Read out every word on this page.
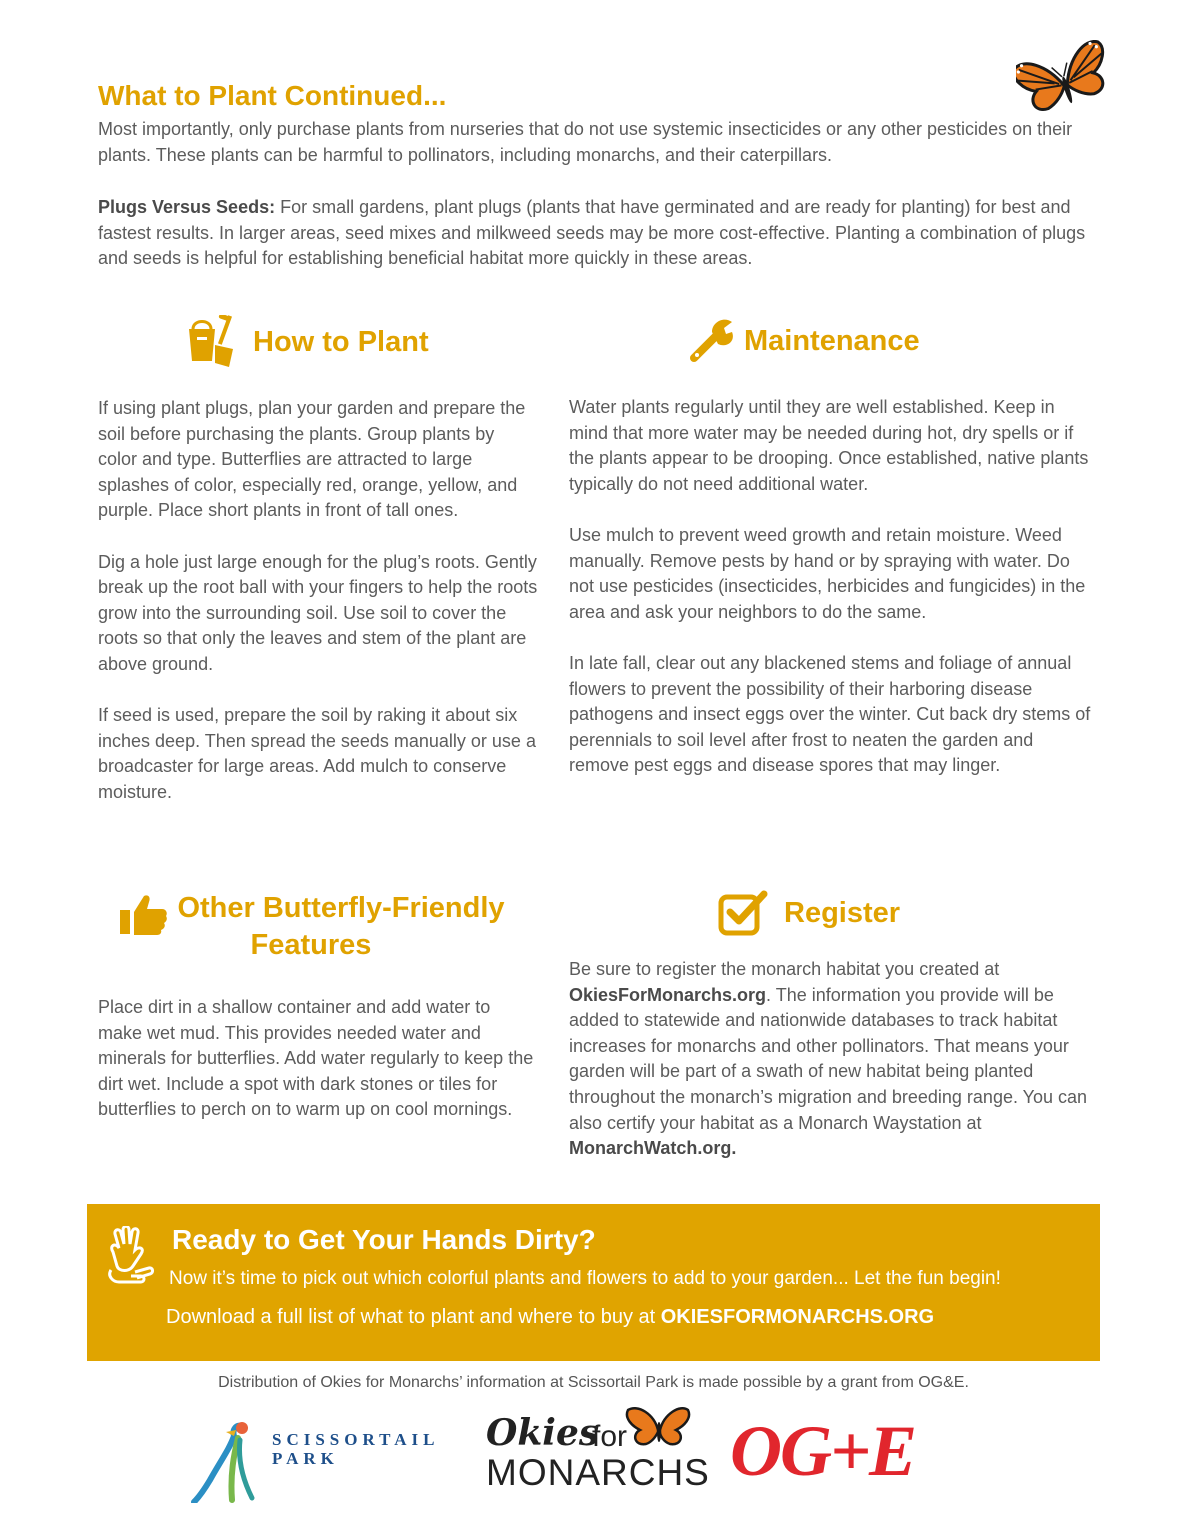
What to Plant Continued...

Most importantly, only purchase plants from nurseries that do not use systemic insecticides or any other pesticides on their plants. These plants can be harmful to pollinators, including monarchs, and their caterpillars.

Plugs Versus Seeds: For small gardens, plant plugs (plants that have germinated and are ready for planting) for best and fastest results. In larger areas, seed mixes and milkweed seeds may be more cost-effective. Planting a combination of plugs and seeds is helpful for establishing beneficial habitat more quickly in these areas.

How to Plant

If using plant plugs, plan your garden and prepare the soil before purchasing the plants. Group plants by color and type. Butterflies are attracted to large splashes of color, especially red, orange, yellow, and purple. Place short plants in front of tall ones.

Dig a hole just large enough for the plug’s roots. Gently break up the root ball with your fingers to help the roots grow into the surrounding soil. Use soil to cover the roots so that only the leaves and stem of the plant are above ground.

If seed is used, prepare the soil by raking it about six inches deep. Then spread the seeds manually or use a broadcaster for large areas. Add mulch to conserve moisture.

Maintenance

Water plants regularly until they are well established. Keep in mind that more water may be needed during hot, dry spells or if the plants appear to be drooping. Once established, native plants typically do not need additional water.

Use mulch to prevent weed growth and retain moisture. Weed manually. Remove pests by hand or by spraying with water. Do not use pesticides (insecticides, herbicides and fungicides) in the area and ask your neighbors to do the same.

In late fall, clear out any blackened stems and foliage of annual flowers to prevent the possibility of their harboring disease pathogens and insect eggs over the winter. Cut back dry stems of perennials to soil level after frost to neaten the garden and remove pest eggs and disease spores that may linger.

Other Butterfly-Friendly
Features

Place dirt in a shallow container and add water to make wet mud. This provides needed water and minerals for butterflies. Add water regularly to keep the dirt wet. Include a spot with dark stones or tiles for butterflies to perch on to warm up on cool mornings.

Register

Be sure to register the monarch habitat you created at OkiesForMonarchs.org. The information you provide will be added to statewide and nationwide databases to track habitat increases for monarchs and other pollinators. That means your garden will be part of a swath of new habitat being planted throughout the monarch’s migration and breeding range. You can also certify your habitat as a Monarch Waystation at MonarchWatch.org.

Ready to Get Your Hands Dirty?

Now it’s time to pick out which colorful plants and flowers to add to your garden... Let the fun begin!

Download a full list of what to plant and where to buy at OKIESFORMONARCHS.ORG

Distribution of Okies for Monarchs’ information at Scissortail Park is made possible by a grant from OG&E.
SCISSORTAIL
PARK
Okies
for
MONARCHS OG+E
